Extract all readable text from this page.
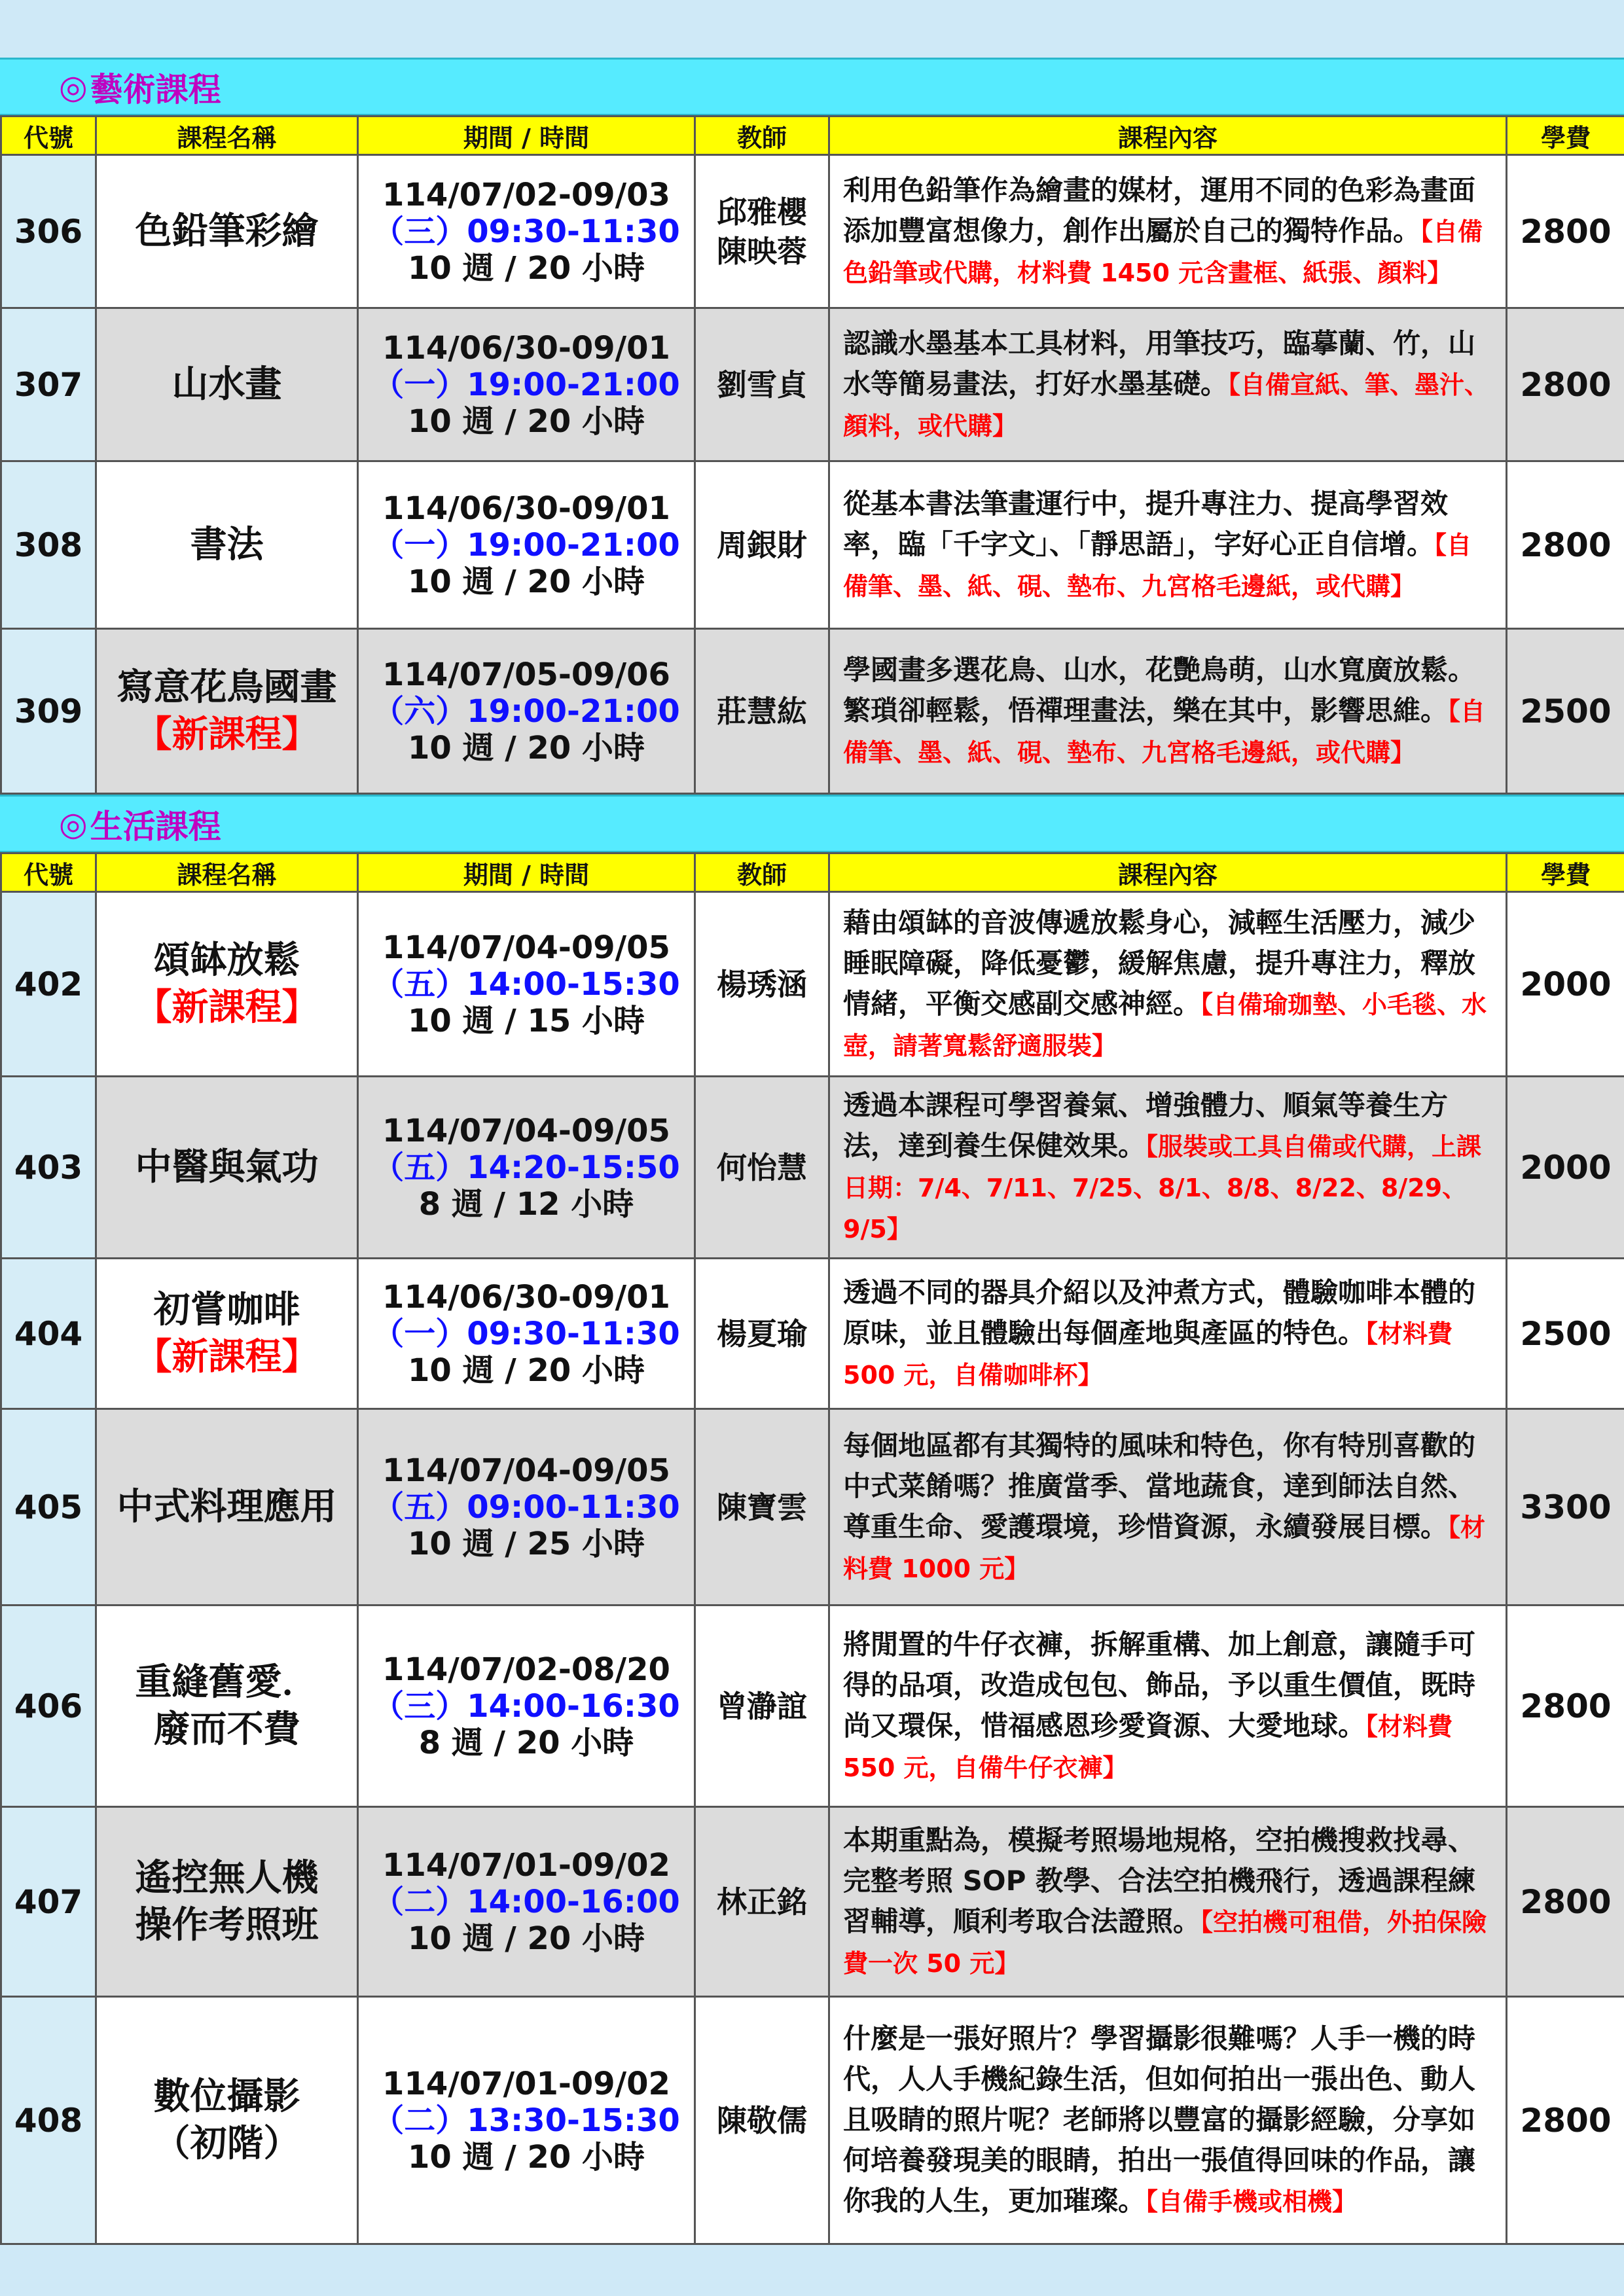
◎ 藝術課程
代號	課程名稱	期間 / 時間	教師	課程內容	學費
306	色鉛筆彩繪	114/07/02-09/03
（三）09:30-11:30
10 週 / 20 小時	邱雅櫻
陳映蓉	利用色鉛筆作為繪畫的媒材，運用不同的色彩為畫面添加豐富想像力，創作出屬於自己的獨特作品。【自備色鉛筆或代購，材料費 1450 元含畫框、紙張、顏料】	2800
307	山水畫	114/06/30-09/01
（一）19:00-21:00
10 週 / 20 小時	劉雪貞	認識水墨基本工具材料，用筆技巧，臨摹蘭、竹，山水等簡易畫法，打好水墨基礎。【自備宣紙、筆、墨汁、顏料，或代購】	2800
308	書法	114/06/30-09/01
（一）19:00-21:00
10 週 / 20 小時	周銀財	從基本書法筆畫運行中，提升專注力、提高學習效率，臨「千字文」、「靜思語」，字好心正自信增。【自備筆、墨、紙、硯、墊布、九宮格毛邊紙，或代購】	2800
309	寫意花鳥國畫
【新課程】	114/07/05-09/06
（六）19:00-21:00
10 週 / 20 小時	莊慧紘	學國畫多選花鳥、山水，花艷鳥萌，山水寬廣放鬆。繁瑣卻輕鬆，悟禪理畫法，樂在其中，影響思維。【自備筆、墨、紙、硯、墊布、九宮格毛邊紙，或代購】	2500
◎ 生活課程
代號	課程名稱	期間 / 時間	教師	課程內容	學費
402	頌缽放鬆
【新課程】	114/07/04-09/05
（五）14:00-15:30
10 週 / 15 小時	楊琇涵	藉由頌缽的音波傳遞放鬆身心，減輕生活壓力，減少睡眠障礙，降低憂鬱，緩解焦慮，提升專注力，釋放情緒，平衡交感副交感神經。【自備瑜珈墊、小毛毯、水壺，請著寬鬆舒適服裝】	2000
403	中醫與氣功	114/07/04-09/05
（五）14:20-15:50
8 週 / 12 小時	何怡慧	透過本課程可學習養氣、增強體力、順氣等養生方法，達到養生保健效果。【服裝或工具自備或代購，上課日期：7/4、7/11、7/25、8/1、8/8、8/22、8/29、9/5】	2000
404	初嘗咖啡
【新課程】	114/06/30-09/01
（一）09:30-11:30
10 週 / 20 小時	楊夏瑜	透過不同的器具介紹以及沖煮方式，體驗咖啡本體的原味，並且體驗出每個產地與產區的特色。【材料費 500 元，自備咖啡杯】	2500
405	中式料理應用	114/07/04-09/05
（五）09:00-11:30
10 週 / 25 小時	陳寶雲	每個地區都有其獨特的風味和特色，你有特別喜歡的中式菜餚嗎？推廣當季、當地蔬食，達到師法自然、尊重生命、愛護環境，珍惜資源，永續發展目標。【材料費 1000 元】	3300
406	重縫舊愛．
廢而不費	114/07/02-08/20
（三）14:00-16:30
8 週 / 20 小時	曾瀞誼	將閒置的牛仔衣褲，拆解重構、加上創意，讓隨手可得的品項，改造成包包、飾品，予以重生價值，既時尚又環保，惜福感恩珍愛資源、大愛地球。【材料費 550 元，自備牛仔衣褲】	2800
407	遙控無人機
操作考照班	114/07/01-09/02
（二）14:00-16:00
10 週 / 20 小時	林正銘	本期重點為，模擬考照場地規格，空拍機搜救找尋、完整考照 SOP 教學、合法空拍機飛行，透過課程練習輔導，順利考取合法證照。【空拍機可租借，外拍保險費一次 50 元】	2800
408	數位攝影
（初階）	114/07/01-09/02
（二）13:30-15:30
10 週 / 20 小時	陳敬儒	什麼是一張好照片？學習攝影很難嗎？人手一機的時代，人人手機紀錄生活，但如何拍出一張出色、動人且吸睛的照片呢？老師將以豐富的攝影經驗，分享如何培養發現美的眼睛，拍出一張值得回味的作品，讓你我的人生，更加璀璨。【自備手機或相機】	2800
